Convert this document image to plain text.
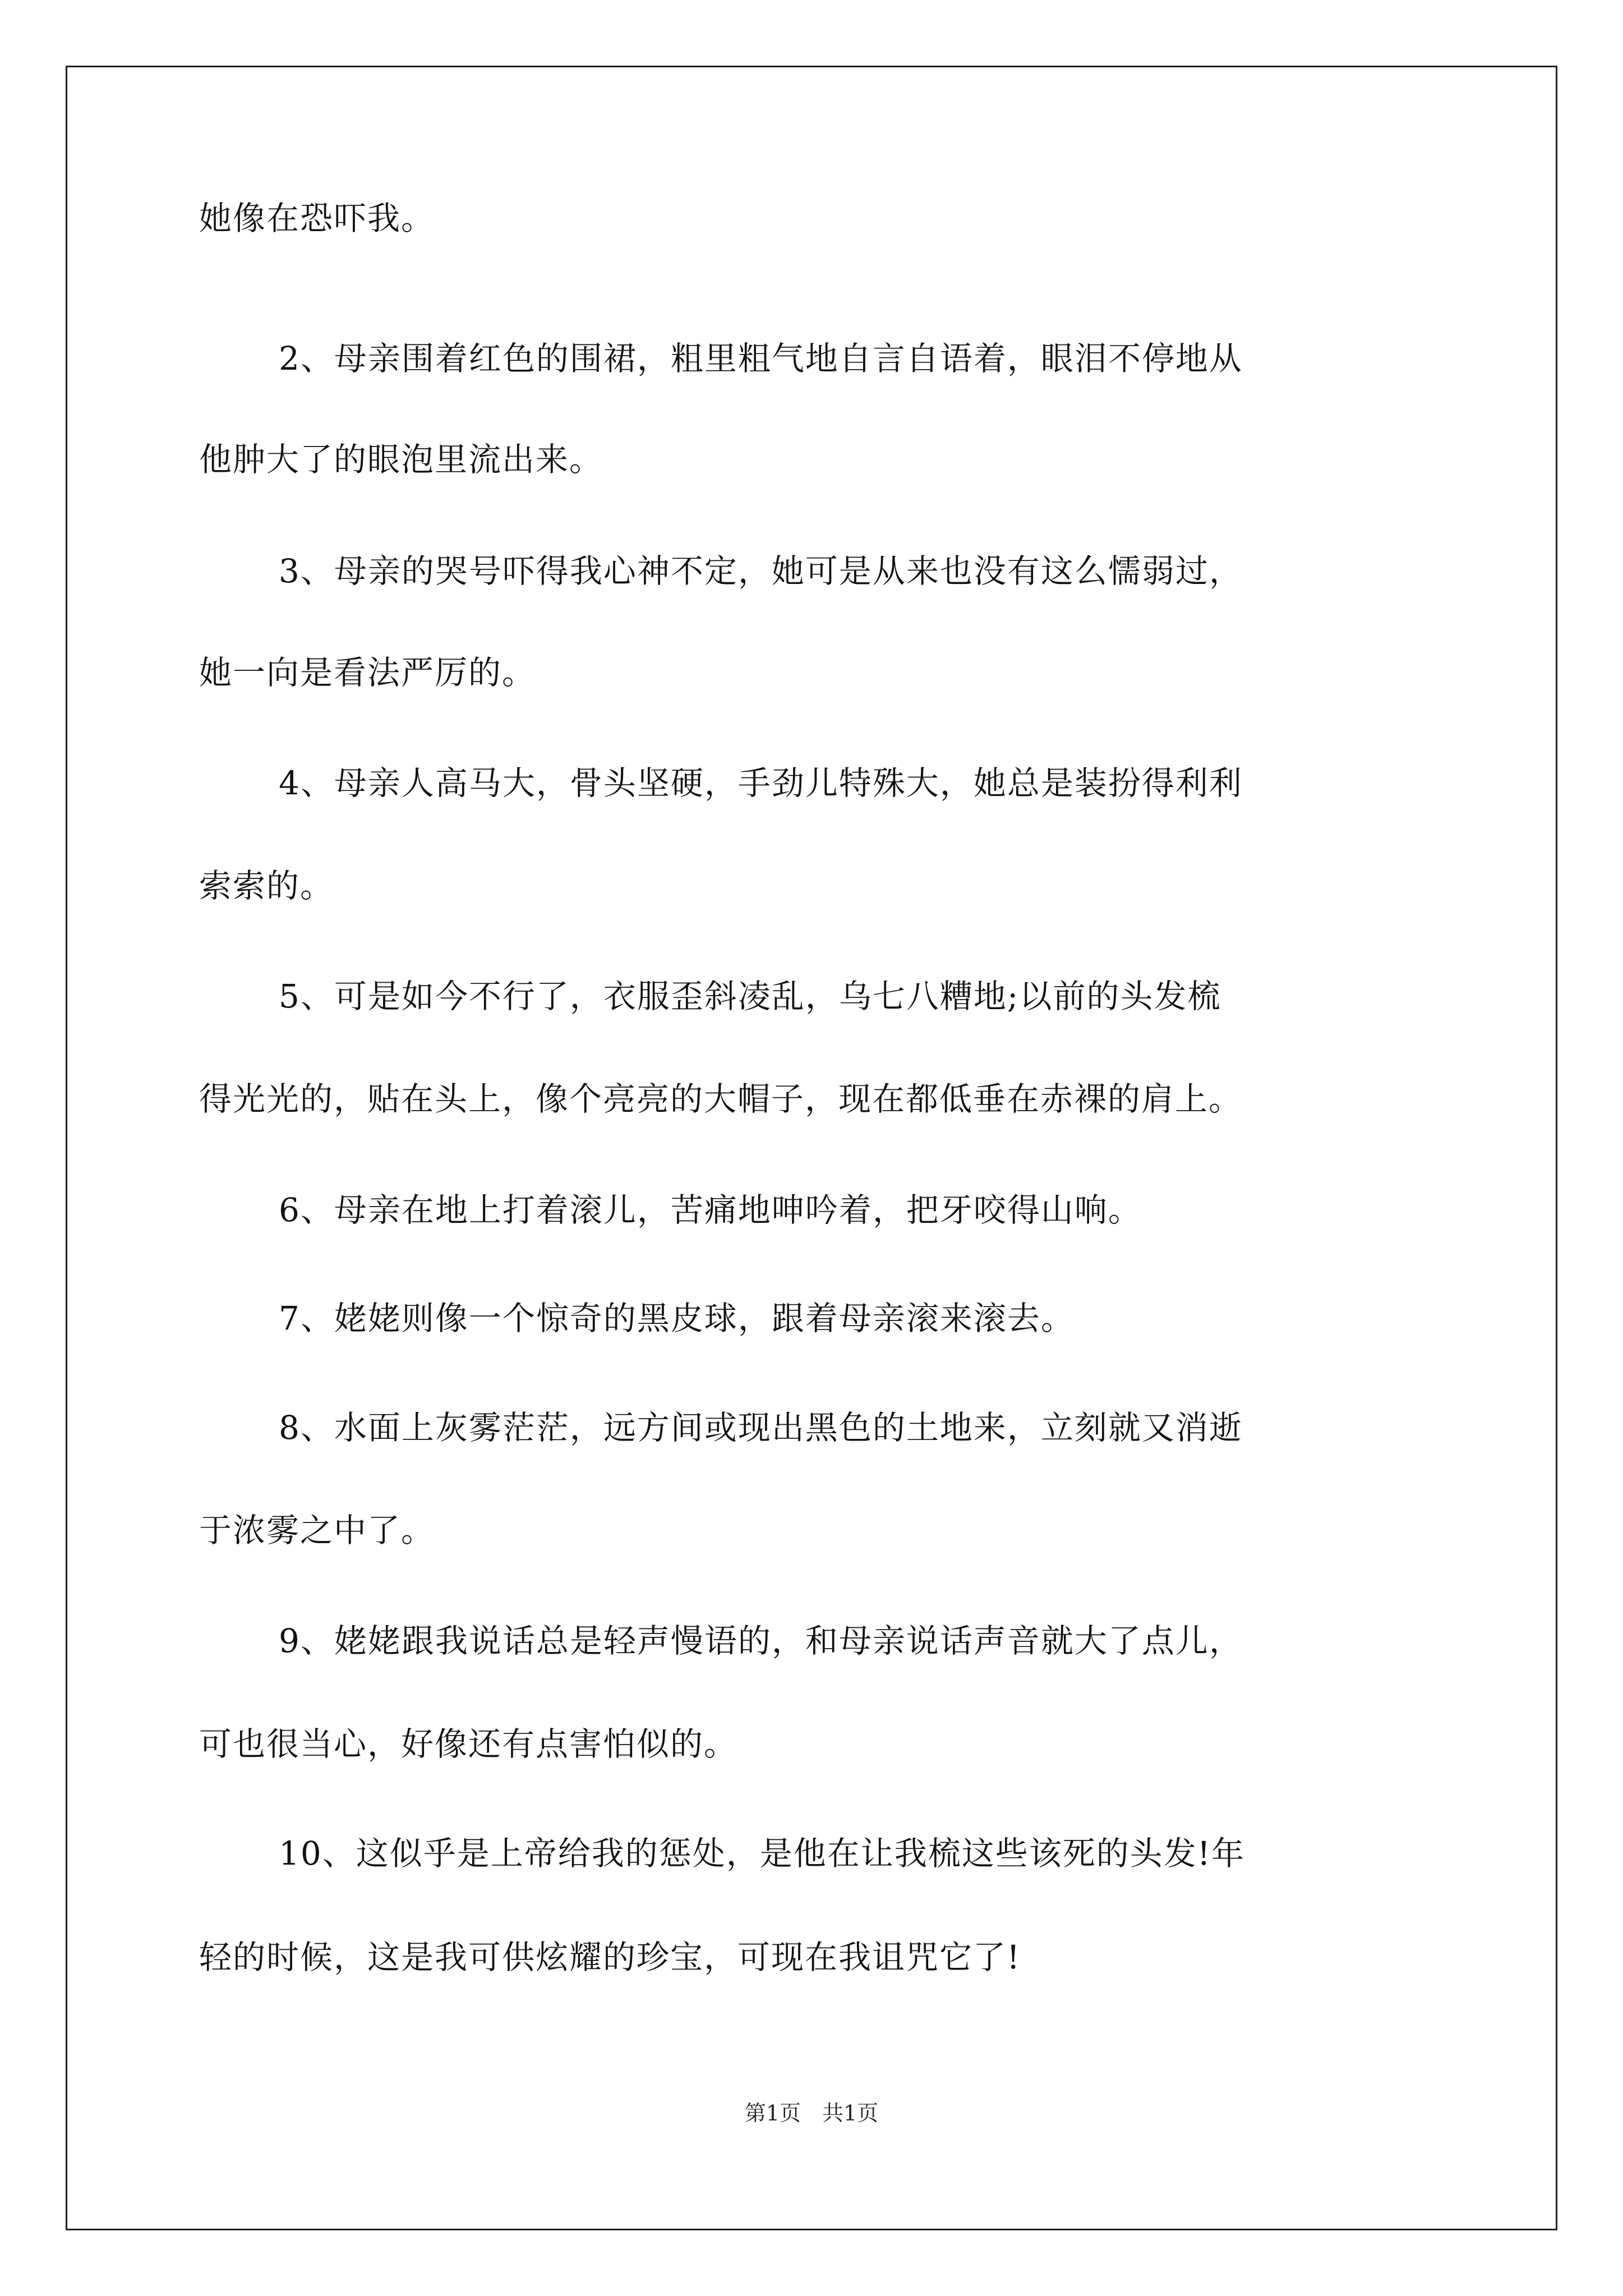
她像在恐吓我。
2、母亲围着红色的围裙，粗里粗气地自言自语着，眼泪不停地从
他肿大了的眼泡里流出来。
3、母亲的哭号吓得我心神不定，她可是从来也没有这么懦弱过，
她一向是看法严厉的。
4、母亲人高马大，骨头坚硬，手劲儿特殊大，她总是装扮得利利
索索的。
5、可是如今不行了，衣服歪斜凌乱，乌七八糟地;以前的头发梳
得光光的，贴在头上，像个亮亮的大帽子，现在都低垂在赤裸的肩上。
6、母亲在地上打着滚儿，苦痛地呻吟着，把牙咬得山响。
7、姥姥则像一个惊奇的黑皮球，跟着母亲滚来滚去。
8、水面上灰雾茫茫，远方间或现出黑色的土地来，立刻就又消逝
于浓雾之中了。
9、姥姥跟我说话总是轻声慢语的，和母亲说话声音就大了点儿，
可也很当心，好像还有点害怕似的。
10、这似乎是上帝给我的惩处，是他在让我梳这些该死的头发!年
轻的时候，这是我可供炫耀的珍宝，可现在我诅咒它了!
第1页　共1页
